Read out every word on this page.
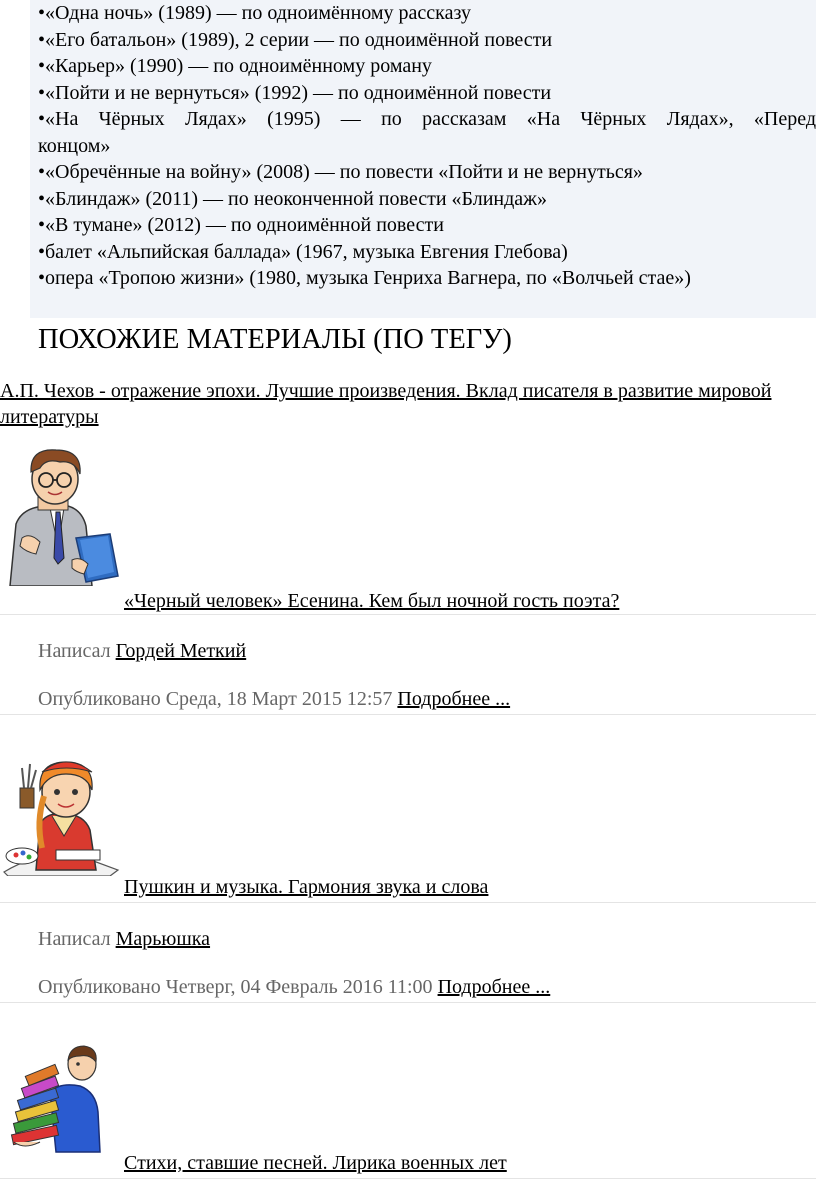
•«Одна ночь» (1989) — по одноимённому рассказу
•«Его батальон» (1989), 2 серии — по одноимённой повести
•«Карьер» (1990) — по одноимённому роману
•«Пойти и не вернуться» (1992) — по одноимённой повести
•«На Чёрных Лядах» (1995) — по рассказам «На Чёрных Лядах», «Перед
концом»
•«Обречённые на войну» (2008) — по повести «Пойти и не вернуться»
•«Блиндаж» (2011) — по неоконченной повести «Блиндаж»
•«В тумане» (2012) — по одноимённой повести
•балет «Альпийская баллада» (1967, музыка Евгения Глебова)
•опера «Тропою жизни» (1980, музыка Генриха Вагнера, по «Волчьей стае»)
ПОХОЖИЕ МАТЕРИАЛЫ (ПО ТЕГУ)
А.П. Чехов - отражение эпохи. Лучшие произведения. Вклад писателя в развитие мировой литературы
«Черный человек» Есенина. Кем был ночной гость поэта?
Написал Гордей Меткий
Опубликовано Среда, 18 Март 2015 12:57 Подробнее ...
Пушкин и музыка. Гармония звука и слова
Написал Марьюшка
Опубликовано Четверг, 04 Февраль 2016 11:00 Подробнее ...
Стихи, ставшие песней. Лирика военных лет
